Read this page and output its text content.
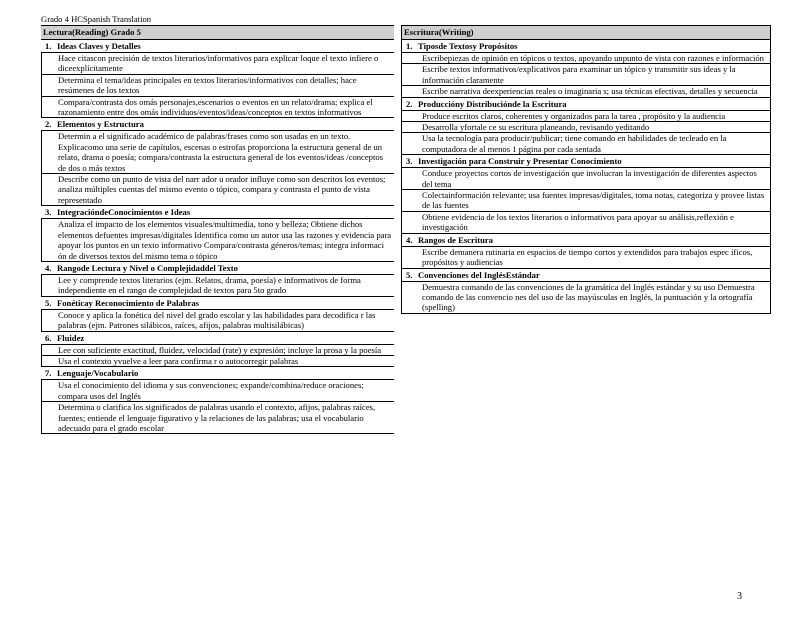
Grado 4 HCSpanish Translation
Lectura(Reading) Grado 5
1. Ideas Claves y Detalles
Hace citascon precisión de textos literarios/informativos para explicar loque el texto infiere o diceexplícitamente
Determina el tema/ideas principales en textos literarios/informativos con detalles; hace resúmenes de los textos
Compara/contrasta dos omás personajes,escenarios o eventos en un relato/drama; explica el razonamiento entre dos omás individuos/eventos/ideas/conceptos en textos informativos
2. Elementos y Estructura
Determin a el significado académico de palabras/frases como son usadas en un texto. Explicacomo una serie de capítulos, escenas o estrofas proporciona la estructura general de un relato, drama o poesía; compara/contrasta la estructura general de los eventos/ideas /conceptos de dos o más textos
Describe como un punto de vista del narr ador u orador influye como son descritos los eventos; analiza múltiples cuentas del mismo evento o tópico, compara y contrasta el punto de vista representado
3. IntegracióndeConocimientos e Ideas
Analiza el impacto de los elementos visuales/multimedia, tono y belleza; Obtiene dichos elementos defuentes impresas/digitales Identifica como un autor usa las razones y evidencia para apoyar los puntos en un texto informativo Compara/contrasta géneros/temas; integra informaci ón de diversos textos del mismo tema o tópico
4. Rangode Lectura y Nivel o Complejidaddel Texto
Lee y comprende textos literarios (ejm. Relatos, drama, poesía) e informativos de forma independiente en el rango de complejidad de textos para 5to grado
5. Fonéticay Reconocimiento de Palabras
Conoce y aplica la fonética del nivel del grado escolar y las habilidades para decodifica r las palabras (ejm. Patrones silábicos, raíces, afijos, palabras multisilábicas)
6. Fluidez
Lee con suficiente exactitud, fluidez, velocidad (rate) y expresión; incluye la prosa y la poesía
Usa el contexto yvuelve a leer para confirma r o autocorregir palabras
7. Lenguaje/Vocabulario
Usa el conocimiento del idioma y sus convenciones; expande/combina/reduce oraciones; compara usos del Inglés
Determina o clarifica los significados de palabras usando el contexto, afijos, palabras raíces, fuentes; entiende el lenguaje figurativo y la relaciones de las palabras; usa el vocabulario adecuado para el grado escolar
Escritura(Writing)
1. Tiposde Textosy Propósitos
Escribepiezas de opinión en tópicos o textos, apoyando unpunto de vista con razones e información
Escribe textos informativos/explicativos para examinar un tópico y transmitir sus ideas y la información claramente
Escribe narrativa deexperiencias reales o imaginaria s; usa técnicas efectivas, detalles y secuencia
2. Produccióny Distribuciónde la Escritura
Produce escritos claros, coherentes y organizados para la tarea , propósito y la audiencia
Desarrolla yfortale ce su escritura planeando, revisando yeditando
Usa la tecnología para producir/publicar; tiene comando en habilidades de tecleado en la computadora de al menos 1 página por cada sentada
3. Investigación para Construir y Presentar Conocimiento
Conduce proyectos cortos de investigación que involucran la investigación de diferentes aspectos del tema
Colectainformación relevante; usa fuentes impresas/digitales, toma notas, categoriza y provee listas de las fuentes
Obtiene evidencia de los textos literarios o informativos para apoyar su análisis,reflexión e investigación
4. Rangos de Escritura
Escribe demanera rutinaria en espacios de tiempo cortos y extendidos para trabajos espec íficos, propósitos y audiencias
5. Convenciones del InglésEstándar
Demuestra comando de las convenciones de la gramática del Inglés estándar y su uso Demuestra comando de las convencio nes del uso de las mayúsculas en Inglés, la puntuación y la ortografía (spelling)
3
